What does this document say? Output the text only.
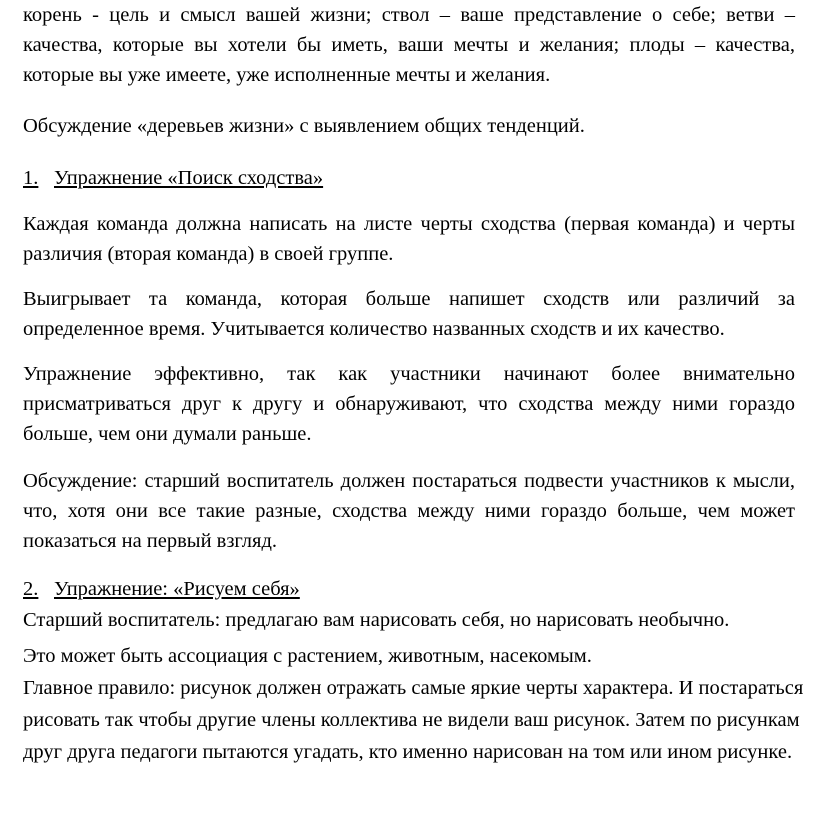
корень - цель и смысл вашей жизни; ствол – ваше представление о себе; ветви – качества, которые вы хотели бы иметь, ваши мечты и желания; плоды – качества, которые вы уже имеете, уже исполненные мечты и желания.

Обсуждение «деревьев жизни» с выявлением общих тенденций.

1. Упражнение «Поиск сходства»

Каждая команда должна написать на листе черты сходства (первая команда) и черты различия (вторая команда) в своей группе.

Выигрывает та команда, которая больше напишет сходств или различий за определенное время. Учитывается количество названных сходств и их качество.

Упражнение эффективно, так как участники начинают более внимательно присматриваться друг к другу и обнаруживают, что сходства между ними гораздо больше, чем они думали раньше.

Обсуждение: старший воспитатель должен постараться подвести участников к мысли, что, хотя они все такие разные, сходства между ними гораздо больше, чем может показаться на первый взгляд.

2. Упражнение: «Рисуем себя»

Старший воспитатель: предлагаю вам нарисовать себя, но нарисовать необычно.

Это может быть ассоциация с растением, животным, насекомым.

Главное правило: рисунок должен отражать самые яркие черты характера. И постараться рисовать так чтобы другие члены коллектива не видели ваш рисунок. Затем по рисункам друг друга педагоги пытаются угадать, кто именно нарисован на том или ином рисунке.
